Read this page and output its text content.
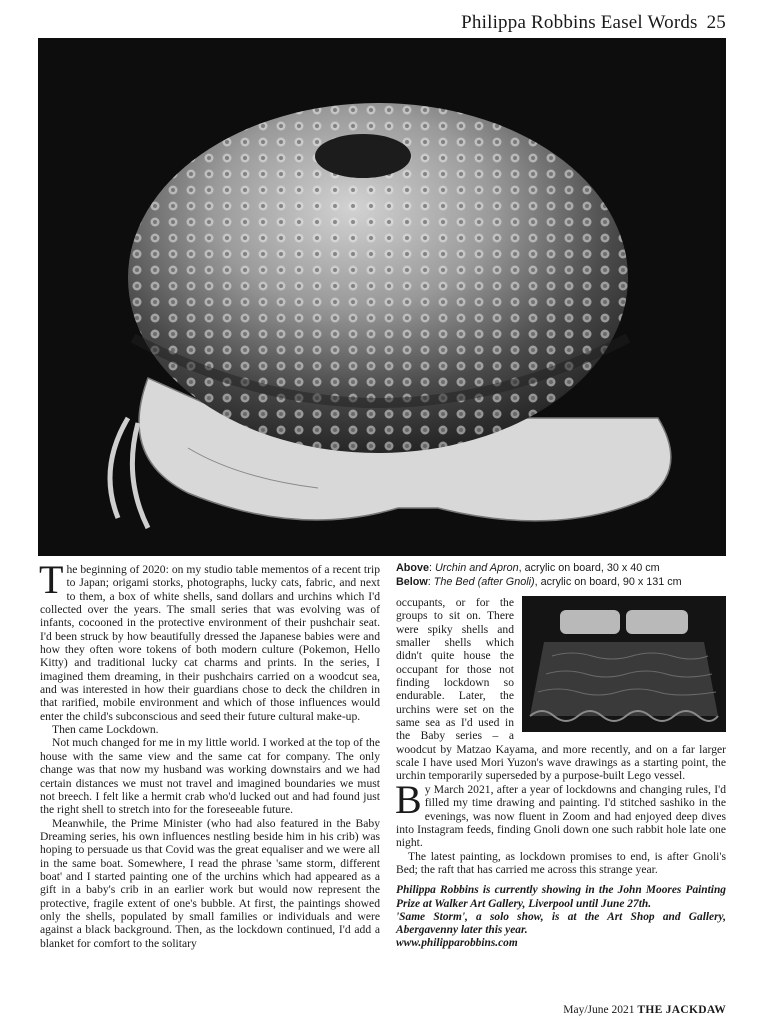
Philippa Robbins Easel Words 25

The beginning of 2020: on my studio table mementos of a recent trip to Japan; origami storks, photographs, lucky cats, fabric, and next to them, a box of white shells, sand dollars and urchins which I'd collected over the years. The small series that was evolving was of infants, cocooned in the protective environment of their pushchair seat. I'd been struck by how beautifully dressed the Japanese babies were and how they often wore tokens of both modern culture (Pokemon, Hello Kitty) and traditional lucky cat charms and prints. In the series, I imagined them dreaming, in their pushchairs carried on a woodcut sea, and was interested in how their guardians chose to deck the children in that rarified, mobile environment and which of those influences would enter the child's subconscious and seed their future cultural make-up.

Then came Lockdown.

Not much changed for me in my little world. I worked at the top of the house with the same view and the same cat for company. The only change was that now my husband was working downstairs and we had certain distances we must not travel and imagined boundaries we must not breech. I felt like a hermit crab who'd lucked out and had found just the right shell to stretch into for the foreseeable future.

Meanwhile, the Prime Minister (who had also featured in the Baby Dreaming series, his own influences nestling beside him in his crib) was hoping to persuade us that Covid was the great equaliser and we were all in the same boat. Somewhere, I read the phrase 'same storm, different boat' and I started painting one of the urchins which had appeared as a gift in a baby's crib in an earlier work but would now represent the protective, fragile extent of one's bubble. At first, the paintings showed only the shells, populated by small families or individuals and were against a black background. Then, as the lockdown continued, I'd add a blanket for comfort to the solitary

Above: Urchin and Apron, acrylic on board, 30 x 40 cm
Below: The Bed (after Gnoli), acrylic on board, 90 x 131 cm

occupants, or for the groups to sit on. There were spiky shells and smaller shells which didn't quite house the occupant for those not finding lockdown so endurable. Later, the urchins were set on the same sea as I'd used in the Baby series – a woodcut by Matzao Kayama, and more recently, and on a far larger scale I have used Mori Yuzon's wave drawings as a starting point, the urchin temporarily superseded by a purpose-built Lego vessel.

By March 2021, after a year of lockdowns and changing rules, I'd filled my time drawing and painting. I'd stitched sashiko in the evenings, was now fluent in Zoom and had enjoyed deep dives into Instagram feeds, finding Gnoli down one such rabbit hole late one night.

The latest painting, as lockdown promises to end, is after Gnoli's Bed; the raft that has carried me across this strange year.

Philippa Robbins is currently showing in the John Moores Painting Prize at Walker Art Gallery, Liverpool until June 27th.

'Same Storm', a solo show, is at the Art Shop and Gallery, Abergavenny later this year.

www.philipparobbins.com

May/June 2021 THE JACKDAW
